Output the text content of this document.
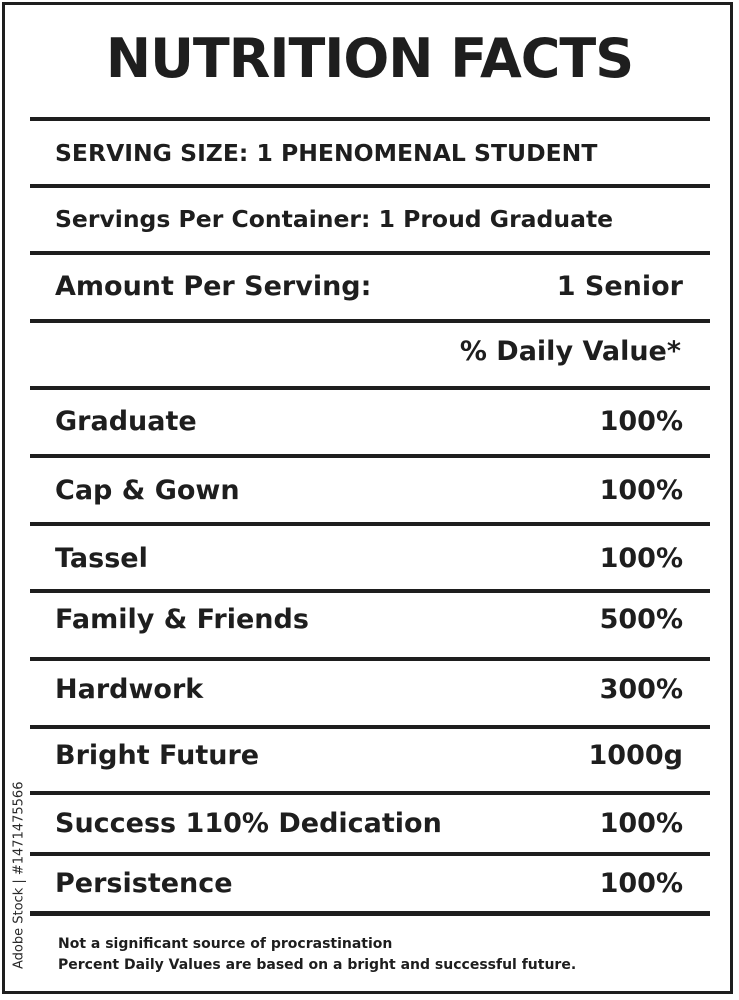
NUTRITION FACTS
SERVING SIZE: 1 PHENOMENAL STUDENT
Servings Per Container: 1 Proud Graduate
Amount Per Serving:	1 Senior
% Daily Value*
Graduate	100%
Cap & Gown	100%
Tassel	100%
Family & Friends	500%
Hardwork	300%
Bright Future	1000g
Success 110% Dedication	100%
Persistence	100%
Not a significant source of procrastination
Percent Daily Values are based on a bright and successful future.
Adobe Stock | #1471475566
